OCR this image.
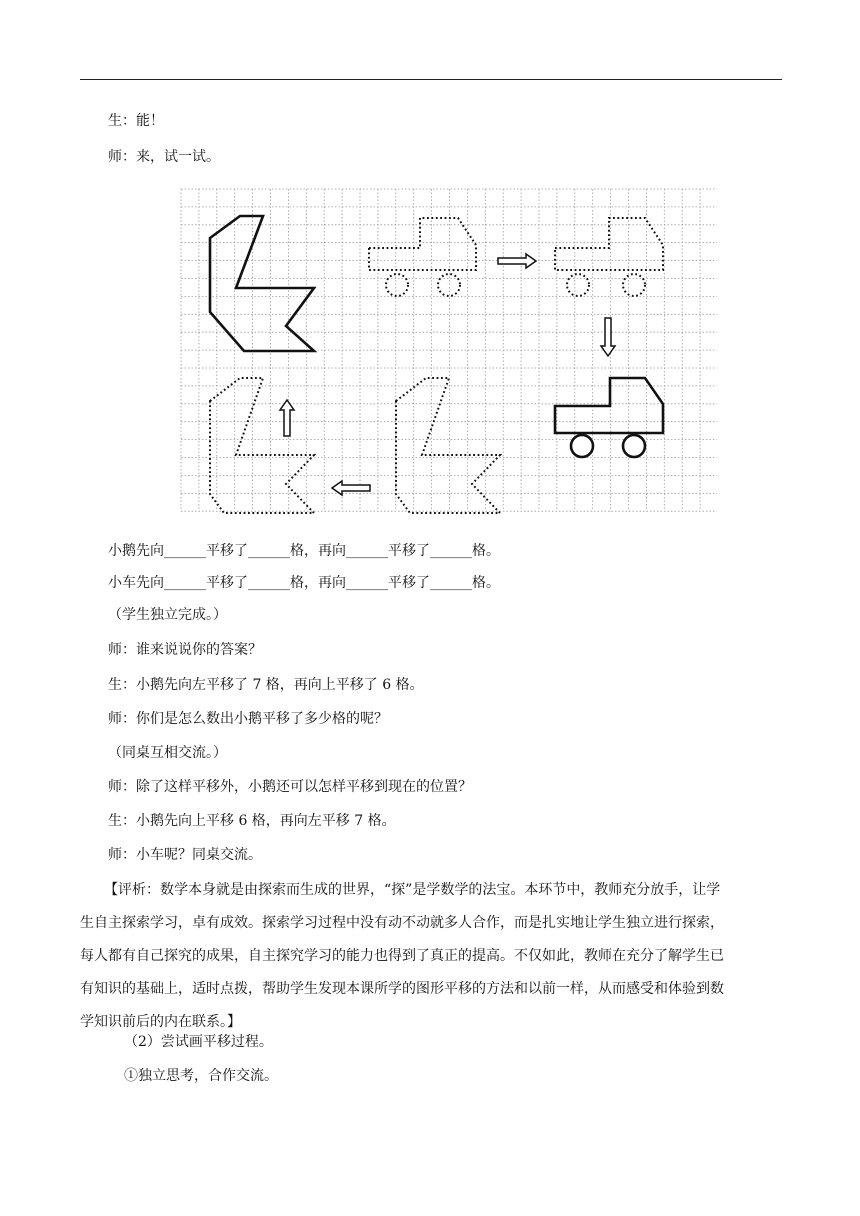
生：能！
师：来，试一试。
小鹅先向______平移了______格，再向______平移了______格。
小车先向______平移了______格，再向______平移了______格。
（学生独立完成。）
师：谁来说说你的答案？
生：小鹅先向左平移了 7 格，再向上平移了 6 格。
师：你们是怎么数出小鹅平移了多少格的呢？
（同桌互相交流。）
师：除了这样平移外，小鹅还可以怎样平移到现在的位置？
生：小鹅先向上平移 6 格，再向左平移 7 格。
师：小车呢？同桌交流。
【评析：数学本身就是由探索而生成的世界，“探”是学数学的法宝。本环节中，教师充分放手，让学
生自主探索学习，卓有成效。探索学习过程中没有动不动就多人合作，而是扎实地让学生独立进行探索，
每人都有自己探究的成果，自主探究学习的能力也得到了真正的提高。不仅如此，教师在充分了解学生已
有知识的基础上，适时点拨，帮助学生发现本课所学的图形平移的方法和以前一样，从而感受和体验到数
学知识前后的内在联系。】
（2）尝试画平移过程。
①独立思考，合作交流。
